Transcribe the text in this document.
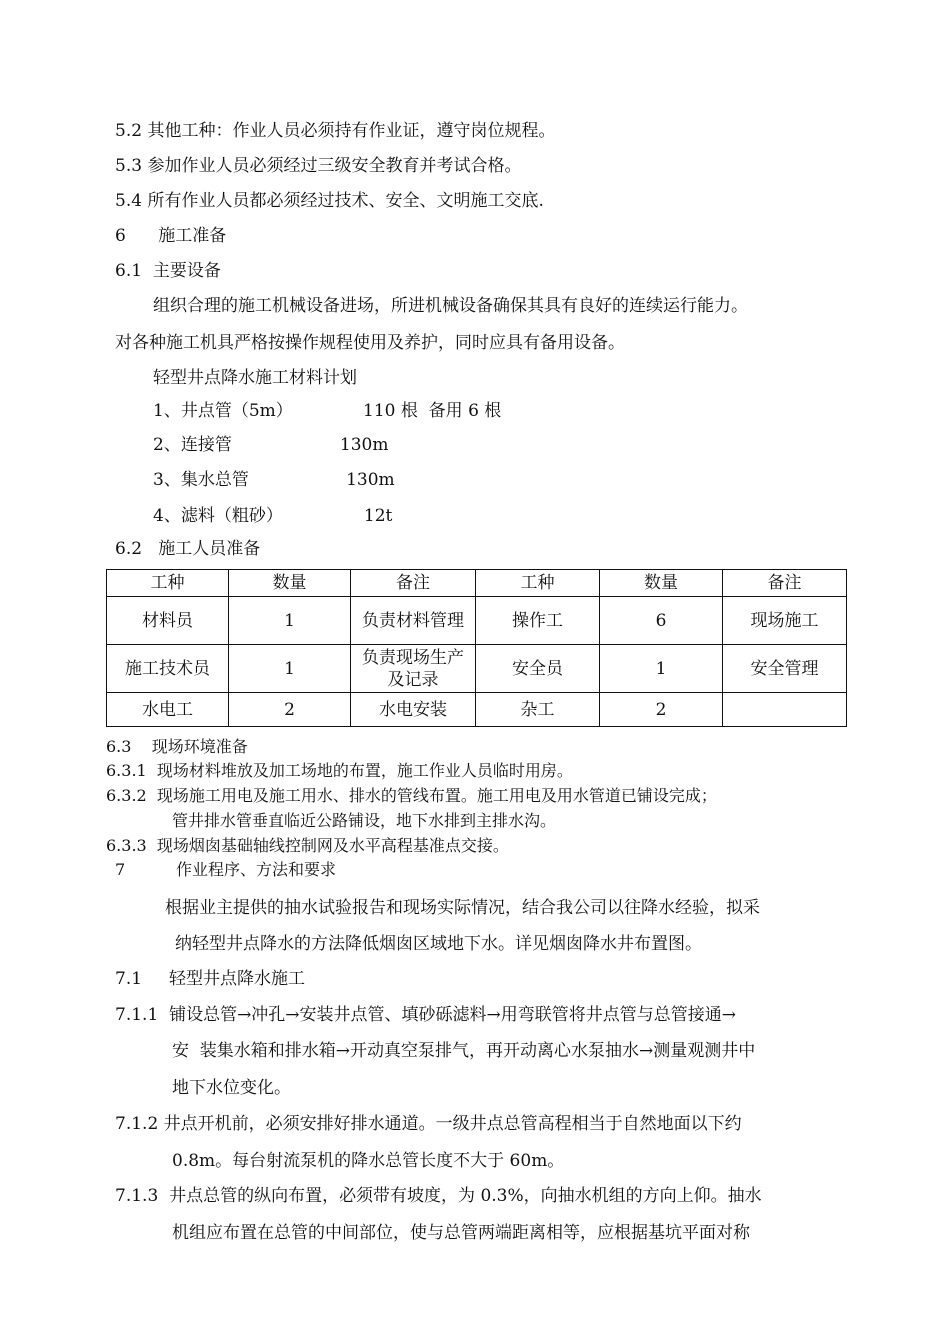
5.2 其他工种：作业人员必须持有作业证，遵守岗位规程。
5.3 参加作业人员必须经过三级安全教育并考试合格。
5.4 所有作业人员都必须经过技术、安全、文明施工交底.
6      施工准备
6.1  主要设备
组织合理的施工机械设备进场，所进机械设备确保其具有良好的连续运行能力。
对各种施工机具严格按操作规程使用及养护，同时应具有备用设备。
轻型井点降水施工材料计划
1、井点管（5m）             110 根  备用 6 根
2、连接管                    130m
3、集水总管                  130m
4、滤料（粗砂）               12t
6.2   施工人员准备
工种	数量	备注	工种	数量	备注
材料员	1	负责材料管理	操作工	6	现场施工
施工技术员	1	负责现场生产及记录	安全员	1	安全管理
水电工	2	水电安装	杂工	2	
6.3    现场环境准备
6.3.1  现场材料堆放及加工场地的布置，施工作业人员临时用房。
6.3.2  现场施工用电及施工用水、排水的管线布置。施工用电及用水管道已铺设完成；
管井排水管垂直临近公路铺设，地下水排到主排水沟。
6.3.3  现场烟囱基础轴线控制网及水平高程基准点交接。
7          作业程序、方法和要求
根据业主提供的抽水试验报告和现场实际情况，结合我公司以往降水经验，拟采
纳轻型井点降水的方法降低烟囱区域地下水。详见烟囱降水井布置图。
7.1     轻型井点降水施工
7.1.1  铺设总管→冲孔→安装井点管、填砂砾滤料→用弯联管将井点管与总管接通→
安  装集水箱和排水箱→开动真空泵排气，再开动离心水泵抽水→测量观测井中
地下水位变化。
7.1.2 井点开机前，必须安排好排水通道。一级井点总管高程相当于自然地面以下约
0.8m。每台射流泵机的降水总管长度不大于 60m。
7.1.3  井点总管的纵向布置，必须带有坡度，为 0.3%，向抽水机组的方向上仰。抽水
机组应布置在总管的中间部位，使与总管两端距离相等，应根据基坑平面对称
